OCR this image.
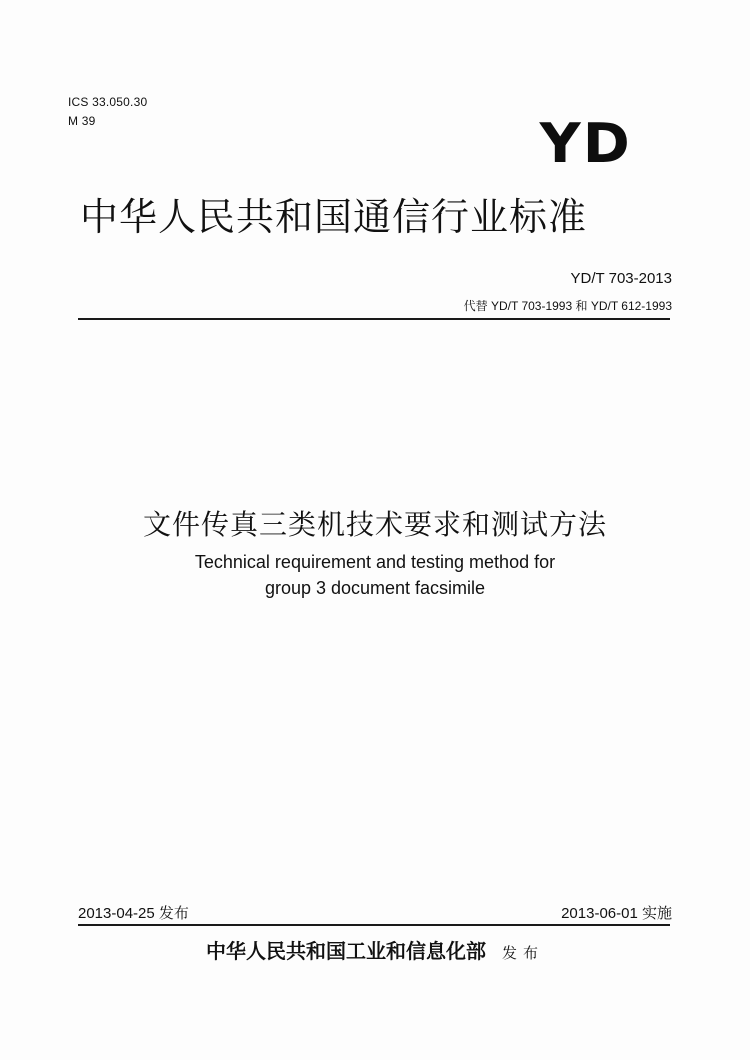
ICS 33.050.30
M 39	YD
中华人民共和国通信行业标准
YD/T 703-2013
代替 YD/T 703-1993 和 YD/T 612-1993
文件传真三类机技术要求和测试方法
Technical requirement and testing method for
group 3 document facsimile
2013-04-25 发布	2013-06-01 实施
中华人民共和国工业和信息化部 发布
